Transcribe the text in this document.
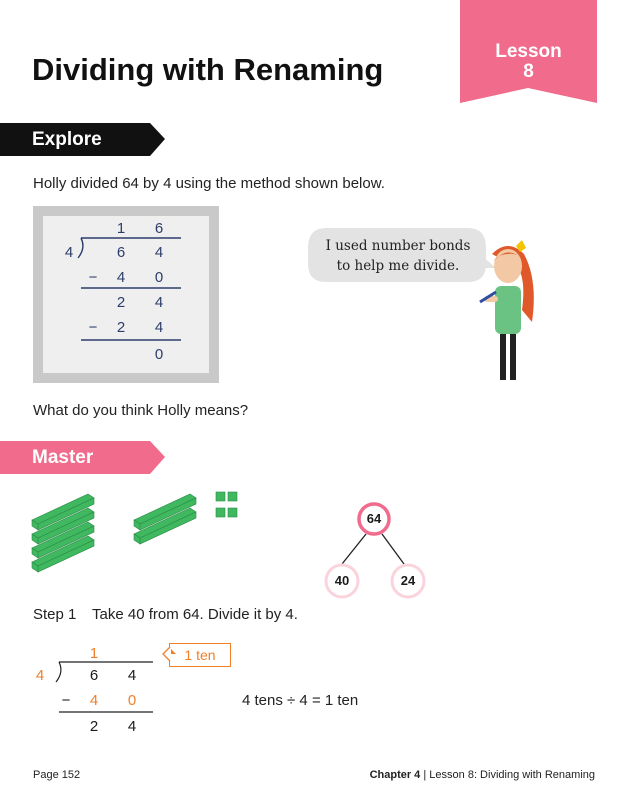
Lesson
8
Dividing with Renaming
Explore
Holly divided 64 by 4 using the method shown below.
1	6
4	6	4
−	4	0
2	4
−	2	4
0
I used number bonds to help me divide.
What do you think Holly means?
Master
64
40	24
Step 1 Take 40 from 64. Divide it by 4.
1
4	6	4
−	4	0
2	4
1 ten
4 tens ÷ 4 = 1 ten
Page 152	Chapter 4 | Lesson 8: Dividing with Renaming
